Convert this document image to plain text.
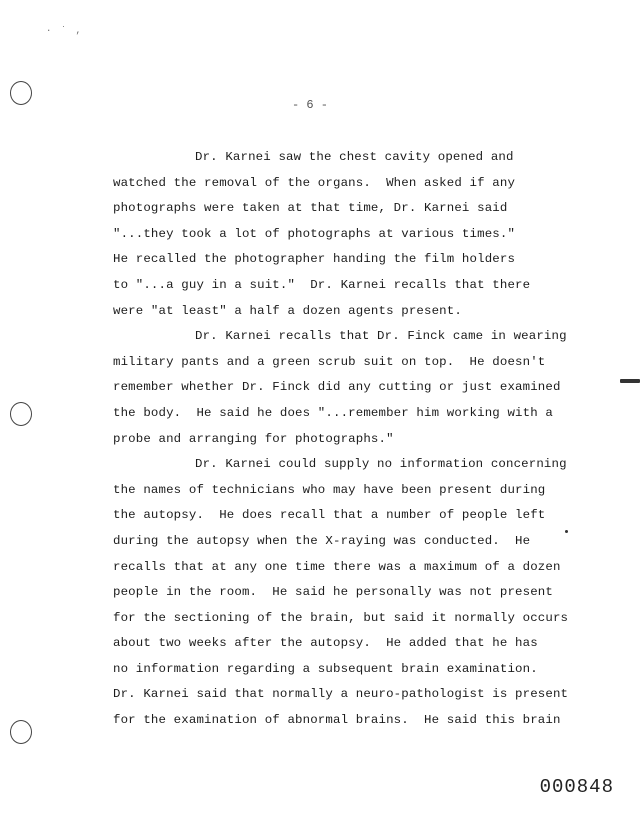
· ˙ ,
- 6 -
Dr. Karnei saw the chest cavity opened and
watched the removal of the organs.  When asked if any
photographs were taken at that time, Dr. Karnei said
"...they took a lot of photographs at various times."
He recalled the photographer handing the film holders
to "...a guy in a suit."  Dr. Karnei recalls that there
were "at least" a half a dozen agents present.
Dr. Karnei recalls that Dr. Finck came in wearing
military pants and a green scrub suit on top.  He doesn't
remember whether Dr. Finck did any cutting or just examined
the body.  He said he does "...remember him working with a
probe and arranging for photographs."
Dr. Karnei could supply no information concerning
the names of technicians who may have been present during
the autopsy.  He does recall that a number of people left
during the autopsy when the X-raying was conducted.  He
recalls that at any one time there was a maximum of a dozen
people in the room.  He said he personally was not present
for the sectioning of the brain, but said it normally occurs
about two weeks after the autopsy.  He added that he has
no information regarding a subsequent brain examination.
Dr. Karnei said that normally a neuro-pathologist is present
for the examination of abnormal brains.  He said this brain
000848
